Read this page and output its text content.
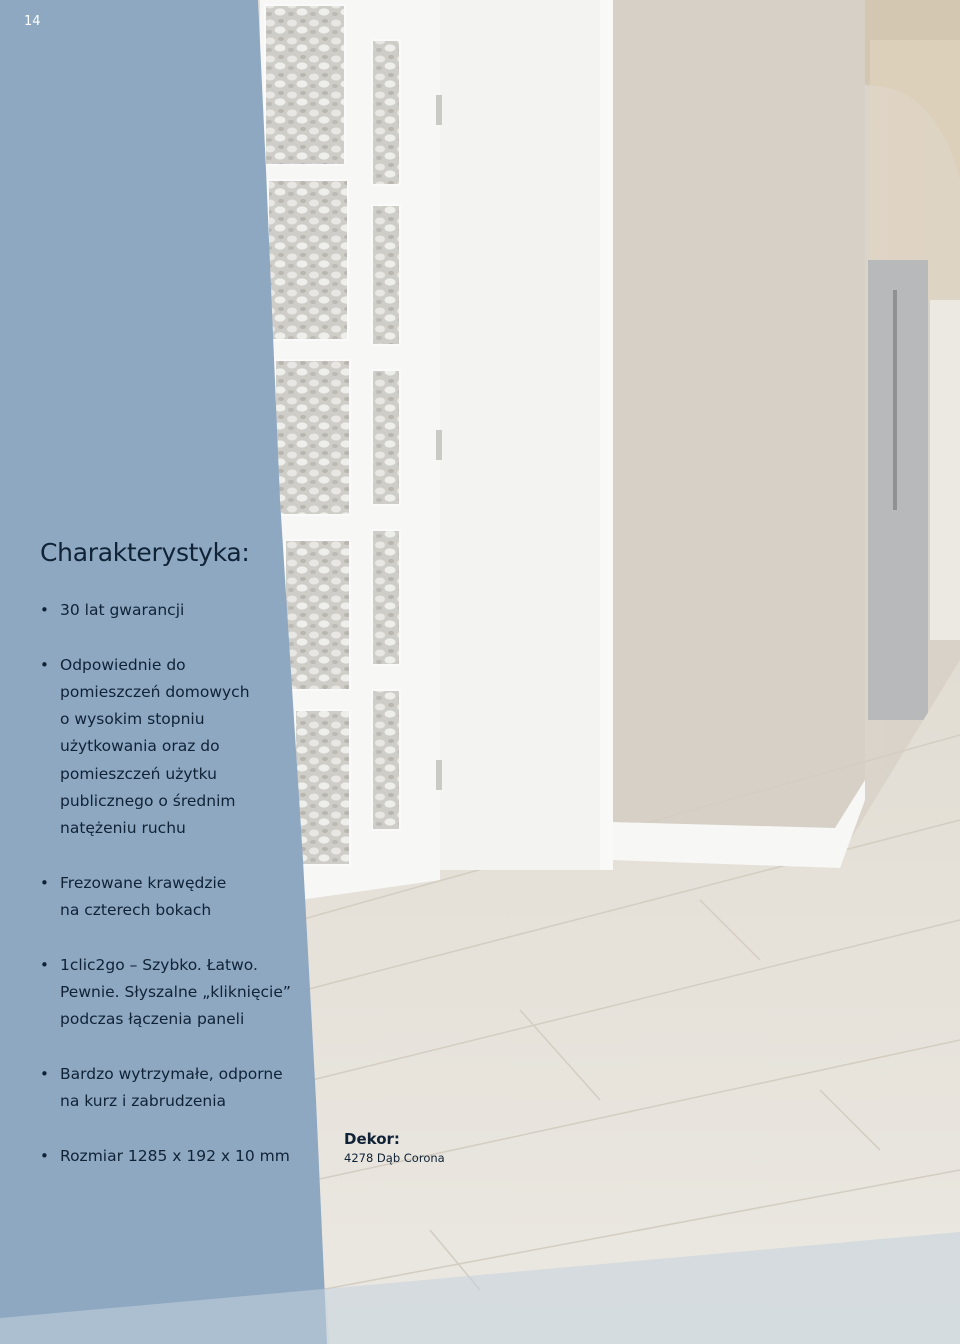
14
Charakterystyka:
• 30 lat gwarancji
• Odpowiednie do
pomieszczeń domowych
o wysokim stopniu
użytkowania oraz do
pomieszczeń użytku
publicznego o średnim
natężeniu ruchu
• Frezowane krawędzie
na czterech bokach
• 1clic2go – Szybko. Łatwo.
Pewnie. Słyszalne „kliknięcie”
podczas łączenia paneli
• Bardzo wytrzymałe, odporne
na kurz i zabrudzenia
• Rozmiar 1285 x 192 x 10 mm
Dekor:
4278 Dąb Corona
